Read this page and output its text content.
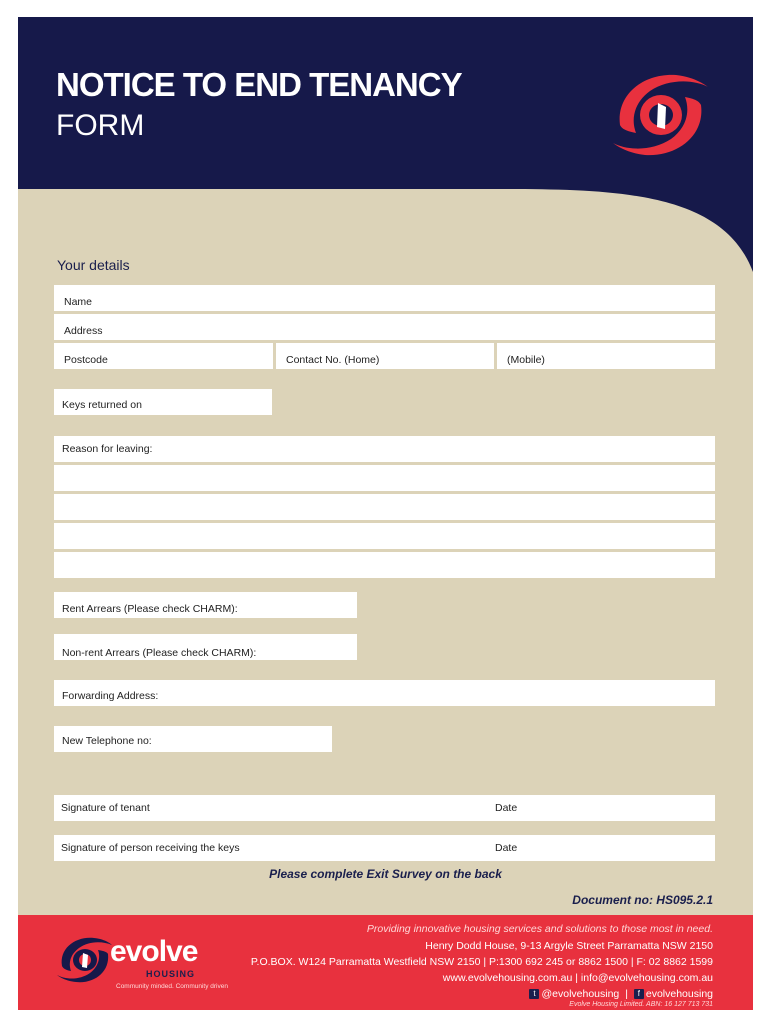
NOTICE TO END TENANCY
FORM
Your details
Name
Address
Postcode	Contact No. (Home)	(Mobile)
Keys returned on
Reason for leaving:
Rent Arrears (Please check CHARM):
Non-rent Arrears (Please check CHARM):
Forwarding Address:
New Telephone no:
Signature of tenant	Date
Signature of person receiving the keys	Date
Please complete Exit Survey on the back
Document no: HS095.2.1
evolve
HOUSING
Community minded. Community driven
Providing innovative housing services and solutions to those most in need.
Henry Dodd House, 9-13 Argyle Street Parramatta NSW 2150
P.O.BOX. W124 Parramatta Westfield NSW 2150 | P:1300 692 245 or 8862 1500 | F: 02 8862 1599
www.evolvehousing.com.au | info@evolvehousing.com.au
t @evolvehousing | f evolvehousing
Evolve Housing Limited. ABN: 16 127 713 731
